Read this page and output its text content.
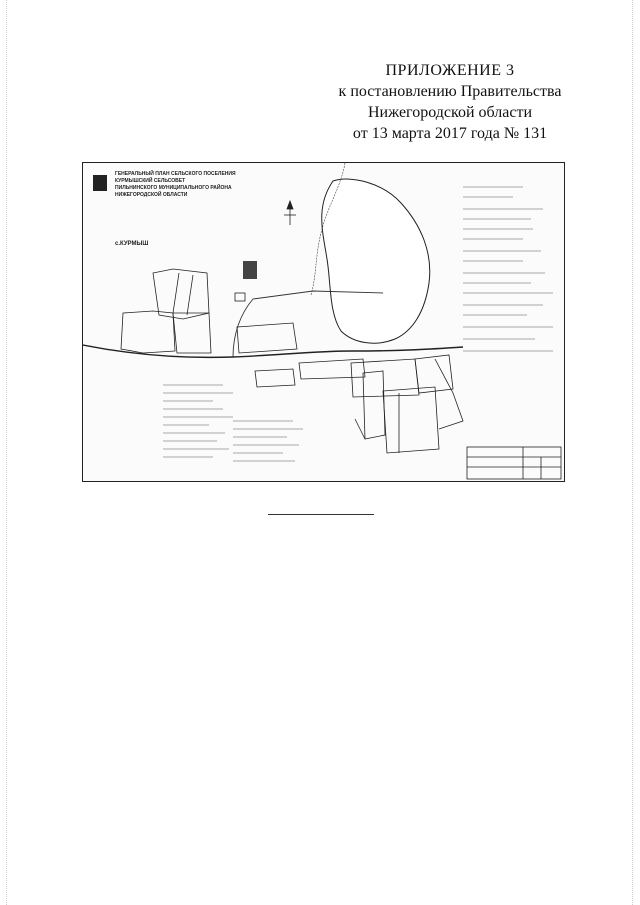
ПРИЛОЖЕНИЕ 3
к постановлению Правительства
Нижегородской области
от 13 марта 2017 года № 131
ГЕНЕРАЛЬНЫЙ ПЛАН СЕЛЬСКОГО ПОСЕЛЕНИЯ
КУРМЫШСКИЙ СЕЛЬСОВЕТ
ПИЛЬНИНСКОГО МУНИЦИПАЛЬНОГО РАЙОНА
НИЖЕГОРОДСКОЙ ОБЛАСТИ
с.КУРМЫШ
